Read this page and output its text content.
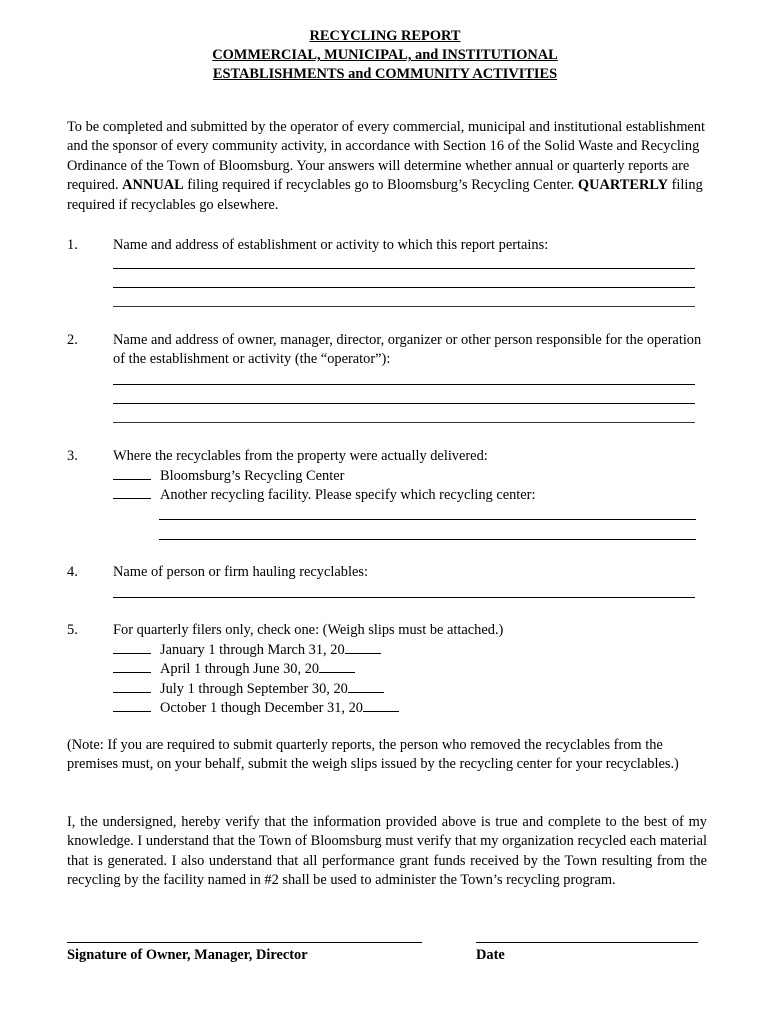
RECYCLING REPORT
COMMERCIAL, MUNICIPAL, and INSTITUTIONAL
ESTABLISHMENTS and COMMUNITY ACTIVITIES
To be completed and submitted by the operator of every commercial, municipal and institutional establishment and the sponsor of every community activity, in accordance with Section 16 of the Solid Waste and Recycling Ordinance of the Town of Bloomsburg. Your answers will determine whether annual or quarterly reports are required. ANNUAL filing required if recyclables go to Bloomsburg’s Recycling Center. QUARTERLY filing required if recyclables go elsewhere.
1. Name and address of establishment or activity to which this report pertains:
2. Name and address of owner, manager, director, organizer or other person responsible for the operation of the establishment or activity (the “operator”):
3. Where the recyclables from the property were actually delivered:
Bloomsburg’s Recycling Center
Another recycling facility. Please specify which recycling center:
4. Name of person or firm hauling recyclables:
5. For quarterly filers only, check one: (Weigh slips must be attached.)
January 1 through March 31, 20
April 1 through June 30, 20
July 1 through September 30, 20
October 1 though December 31, 20
(Note: If you are required to submit quarterly reports, the person who removed the recyclables from the premises must, on your behalf, submit the weigh slips issued by the recycling center for your recyclables.)
I, the undersigned, hereby verify that the information provided above is true and complete to the best of my knowledge. I understand that the Town of Bloomsburg must verify that my organization recycled each material that is generated. I also understand that all performance grant funds received by the Town resulting from the recycling by the facility named in #2 shall be used to administer the Town’s recycling program.
Signature of Owner, Manager, Director	Date
